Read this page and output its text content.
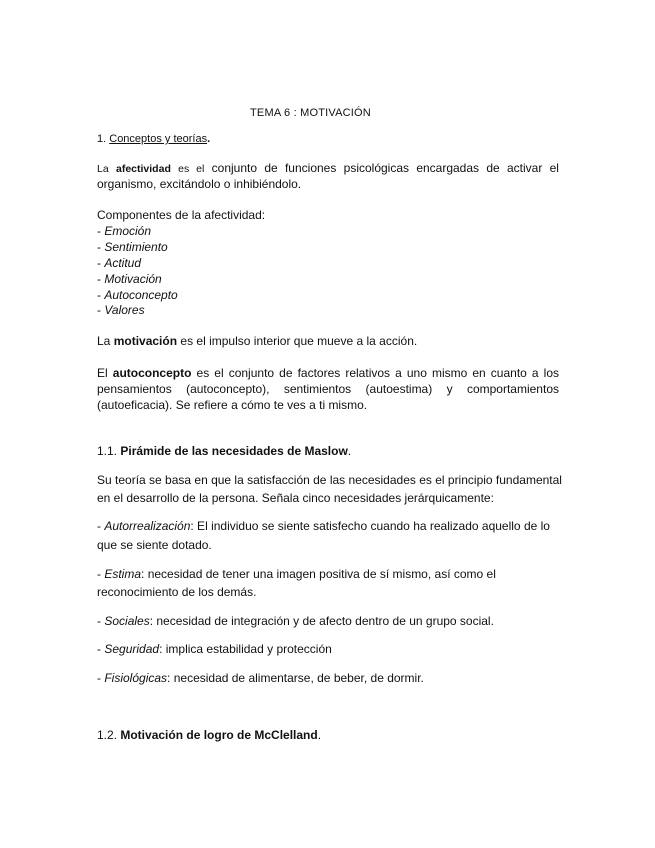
TEMA 6 : MOTIVACIÓN
1. Conceptos y teorías.
La afectividad es el conjunto de funciones psicológicas encargadas de activar el
organismo, excitándolo o inhibiéndolo.
Componentes de la afectividad:
- Emoción
- Sentimiento
- Actitud
- Motivación
- Autoconcepto
- Valores
La motivación es el impulso interior que mueve a la acción.
El autoconcepto es el conjunto de factores relativos a uno mismo en cuanto a los
pensamientos (autoconcepto), sentimientos (autoestima) y comportamientos
(autoeficacia). Se refiere a cómo te ves a ti mismo.
1.1. Pirámide de las necesidades de Maslow.
Su teoría se basa en que la satisfacción de las necesidades es el principio fundamental
en el desarrollo de la persona. Señala cinco necesidades jerárquicamente:
- Autorrealización: El individuo se siente satisfecho cuando ha realizado aquello de lo
que se siente dotado.
- Estima: necesidad de tener una imagen positiva de sí mismo, así como el
reconocimiento de los demás.
- Sociales: necesidad de integración y de afecto dentro de un grupo social.
- Seguridad: implica estabilidad y protección
- Fisiológicas: necesidad de alimentarse, de beber, de dormir.
1.2. Motivación de logro de McClelland.
